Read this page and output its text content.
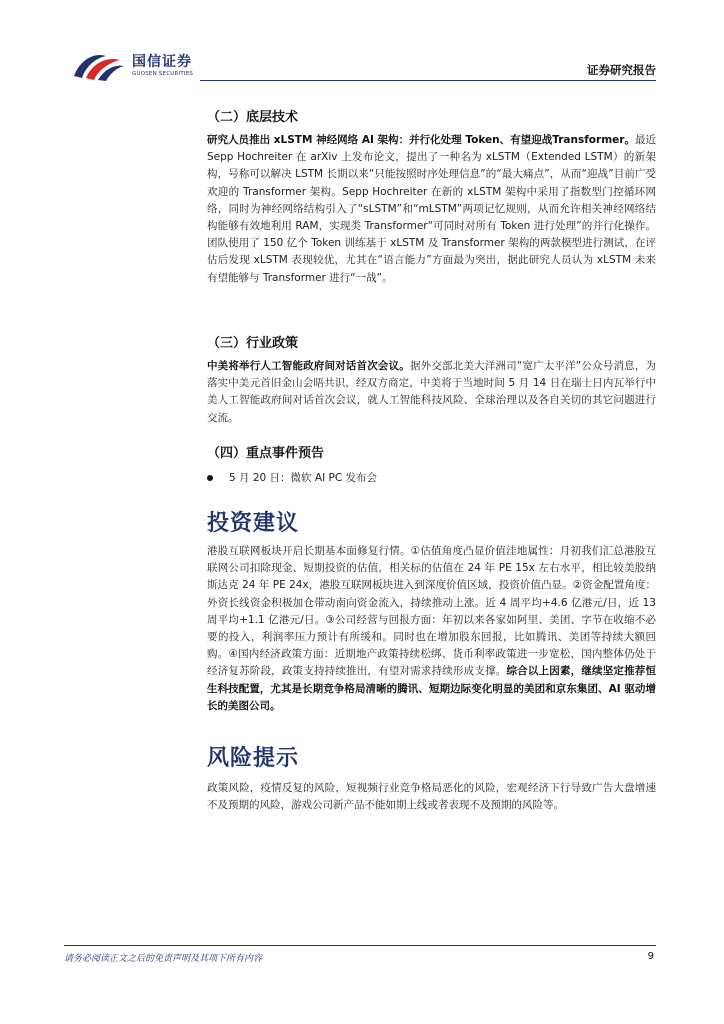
国信证券
GUOSEN SECURITIES	证券研究报告
（二）底层技术
研究人员推出 xLSTM 神经网络 AI 架构：并行化处理 Token、有望迎战Transformer。最近 Sepp Hochreiter 在 arXiv 上发布论文，提出了一种名为 xLSTM（Extended LSTM）的新架构，号称可以解决 LSTM 长期以来“只能按照时序处理信息”的“最大痛点”，从而“迎战”目前广受欢迎的 Transformer 架构。Sepp Hochreiter 在新的 xLSTM 架构中采用了指数型门控循环网络，同时为神经网络结构引入了“sLSTM”和“mLSTM”两项记忆规则，从而允许相关神经网络结构能够有效地利用 RAM，实现类 Transformer“可同时对所有 Token 进行处理”的并行化操作。团队使用了 150 亿个 Token 训练基于 xLSTM 及 Transformer 架构的两款模型进行测试，在评估后发现 xLSTM 表现较优，尤其在“语言能力”方面最为突出，据此研究人员认为 xLSTM 未来有望能够与 Transformer 进行“一战”。
（三）行业政策
中美将举行人工智能政府间对话首次会议。据外交部北美大洋洲司“宽广太平洋”公众号消息，为落实中美元首旧金山会晤共识，经双方商定，中美将于当地时间 5 月 14 日在瑞士日内瓦举行中美人工智能政府间对话首次会议，就人工智能科技风险、全球治理以及各自关切的其它问题进行交流。
（四）重点事件预告
5 月 20 日：微软 AI PC 发布会
投资建议
港股互联网板块开启长期基本面修复行情。①估值角度凸显价值洼地属性：月初我们汇总港股互联网公司扣除现金、短期投资的估值，相关标的估值在 24 年 PE 15x 左右水平，相比较美股纳斯达克 24 年 PE 24x，港股互联网板块进入到深度价值区域，投资价值凸显。②资金配置角度：外资长线资金积极加仓带动南向资金流入，持续推动上涨。近 4 周平均+4.6 亿港元/日，近 13 周平均+1.1 亿港元/日。③公司经营与回报方面：年初以来各家如阿里、美团、字节在收缩不必要的投入，利润率压力预计有所缓和。同时也在增加股东回报，比如腾讯、美团等持续大额回购。④国内经济政策方面：近期地产政策持续松绑、货币利率政策进一步宽松，国内整体仍处于经济复苏阶段，政策支持持续推出，有望对需求持续形成支撑。综合以上因素，继续坚定推荐恒生科技配置，尤其是长期竞争格局清晰的腾讯、短期边际变化明显的美团和京东集团、AI 驱动增长的美图公司。
风险提示
政策风险，疫情反复的风险，短视频行业竞争格局恶化的风险，宏观经济下行导致广告大盘增速不及预期的风险，游戏公司新产品不能如期上线或者表现不及预期的风险等。
请务必阅读正文之后的免责声明及其项下所有内容	9
